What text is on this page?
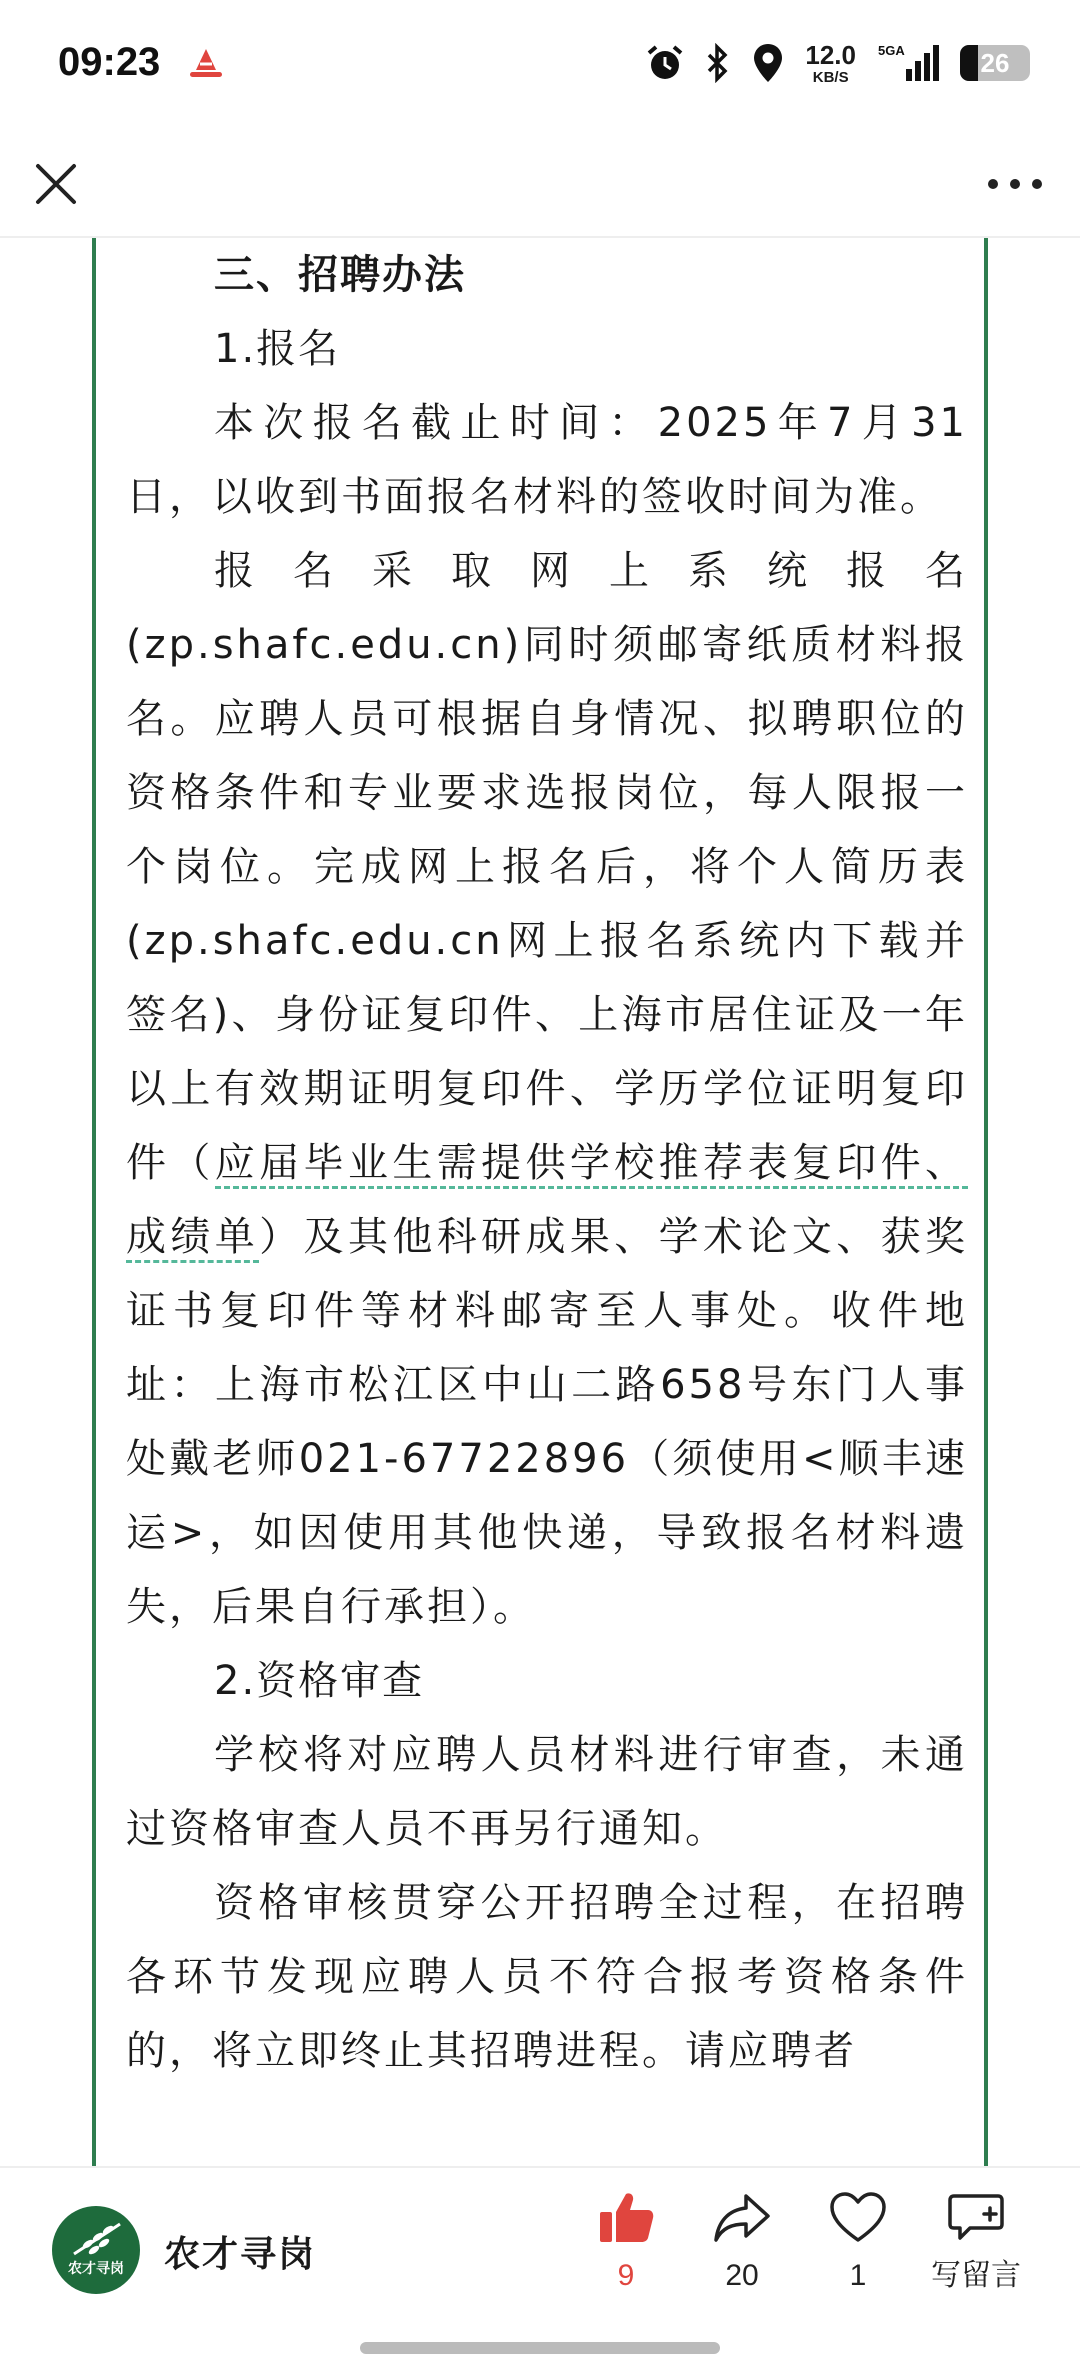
09:23	12.0
KB/S
5GA	26
三、招聘办法
1.报名

本次报名截止时间：2025年7月31日，以收到书面报名材料的签收时间为准。

报名采取网上系统报名(zp.shafc.edu.cn)同时须邮寄纸质材料报名。应聘人员可根据自身情况、拟聘职位的资格条件和专业要求选报岗位，每人限报一个岗位。完成网上报名后，将个人简历表(zp.shafc.edu.cn网上报名系统内下载并签名)、身份证复印件、上海市居住证及一年以上有效期证明复印件、学历学位证明复印件（应届毕业生需提供学校推荐表复印件、成绩单）及其他科研成果、学术论文、获奖证书复印件等材料邮寄至人事处。收件地址：上海市松江区中山二路658号东门人事处戴老师021-67722896（须使用<顺丰速运>，如因使用其他快递，导致报名材料遗失，后果自行承担）。

2.资格审查

学校将对应聘人员材料进行审查，未通过资格审查人员不再另行通知。

资格审核贯穿公开招聘全过程，在招聘各环节发现应聘人员不符合报考资格条件的，将立即终止其招聘进程。请应聘者

农才寻岗	农才寻岗
9	20	1	写留言
